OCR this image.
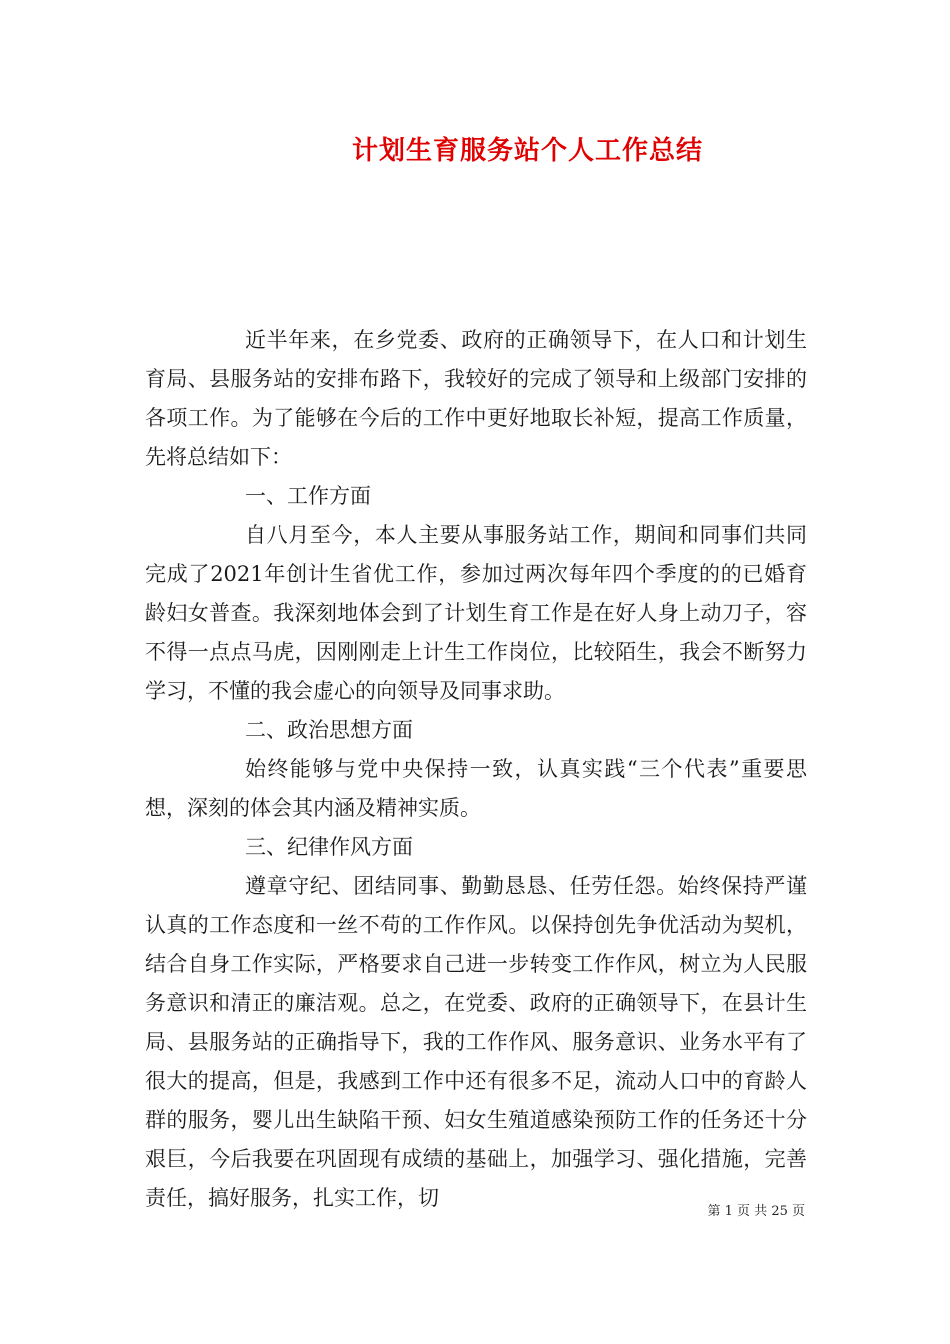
计划生育服务站个人工作总结

近半年来，在乡党委、政府的正确领导下，在人口和计划生育局、县服务站的安排布路下，我较好的完成了领导和上级部门安排的各项工作。为了能够在今后的工作中更好地取长补短，提高工作质量，先将总结如下：

一、工作方面

自八月至今，本人主要从事服务站工作，期间和同事们共同完成了2021年创计生省优工作，参加过两次每年四个季度的的已婚育龄妇女普查。我深刻地体会到了计划生育工作是在好人身上动刀子，容不得一点点马虎，因刚刚走上计生工作岗位，比较陌生，我会不断努力学习，不懂的我会虚心的向领导及同事求助。

二、政治思想方面

始终能够与党中央保持一致，认真实践“三个代表”重要思想，深刻的体会其内涵及精神实质。

三、纪律作风方面

遵章守纪、团结同事、勤勤恳恳、任劳任怨。始终保持严谨认真的工作态度和一丝不苟的工作作风。以保持创先争优活动为契机，结合自身工作实际，严格要求自己进一步转变工作作风，树立为人民服务意识和清正的廉洁观。总之，在党委、政府的正确领导下，在县计生局、县服务站的正确指导下，我的工作作风、服务意识、业务水平有了很大的提高，但是，我感到工作中还有很多不足，流动人口中的育龄人群的服务，婴儿出生缺陷干预、妇女生殖道感染预防工作的任务还十分艰巨，今后我要在巩固现有成绩的基础上，加强学习、强化措施，完善责任，搞好服务，扎实工作，切

第 1 页 共 25 页
